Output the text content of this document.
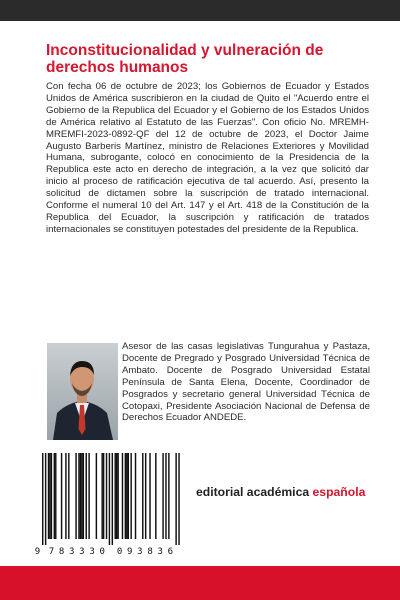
Inconstitucionalidad y vulneración de derechos humanos

Con fecha 06 de octubre de 2023; los Gobiernos de Ecuador y Estados Unidos de América suscribieron en la ciudad de Quito el "Acuerdo entre el Gobierno de la Republica del Ecuador y el Gobierno de los Estados Unidos de América relativo al Estatuto de las Fuerzas". Con oficio No. MREMH-MREMFI-2023-0892-QF del 12 de octubre de 2023, el Doctor Jaime Augusto Barberis Martínez, ministro de Relaciones Exteriores y Movilidad Humana, subrogante, colocó en conocimiento de la Presidencia de la Republica este acto en derecho de integración, a la vez que solicitó dar inicio al proceso de ratificación ejecutiva de tal acuerdo. Así, presento la solicitud de dictamen sobre la suscripción de tratado internacional. Conforme el numeral 10 del Art. 147 y el Art. 418 de la Constitución de la Republica del Ecuador, la suscripción y ratificación de tratados internacionales se constituyen potestades del presidente de la Republica.

Asesor de las casas legislativas Tungurahua y Pastaza, Docente de Pregrado y Posgrado Universidad Técnica de Ambato. Docente de Posgrado Universidad Estatal Península de Santa Elena, Docente, Coordinador de Posgrados y secretario general Universidad Técnica de Cotopaxi, Presidente Asociación Nacional de Defensa de Derechos Ecuador ANDEDE.

9 7 8 3 3 3 0 0 9 3 8 3 6
editorial académica española
